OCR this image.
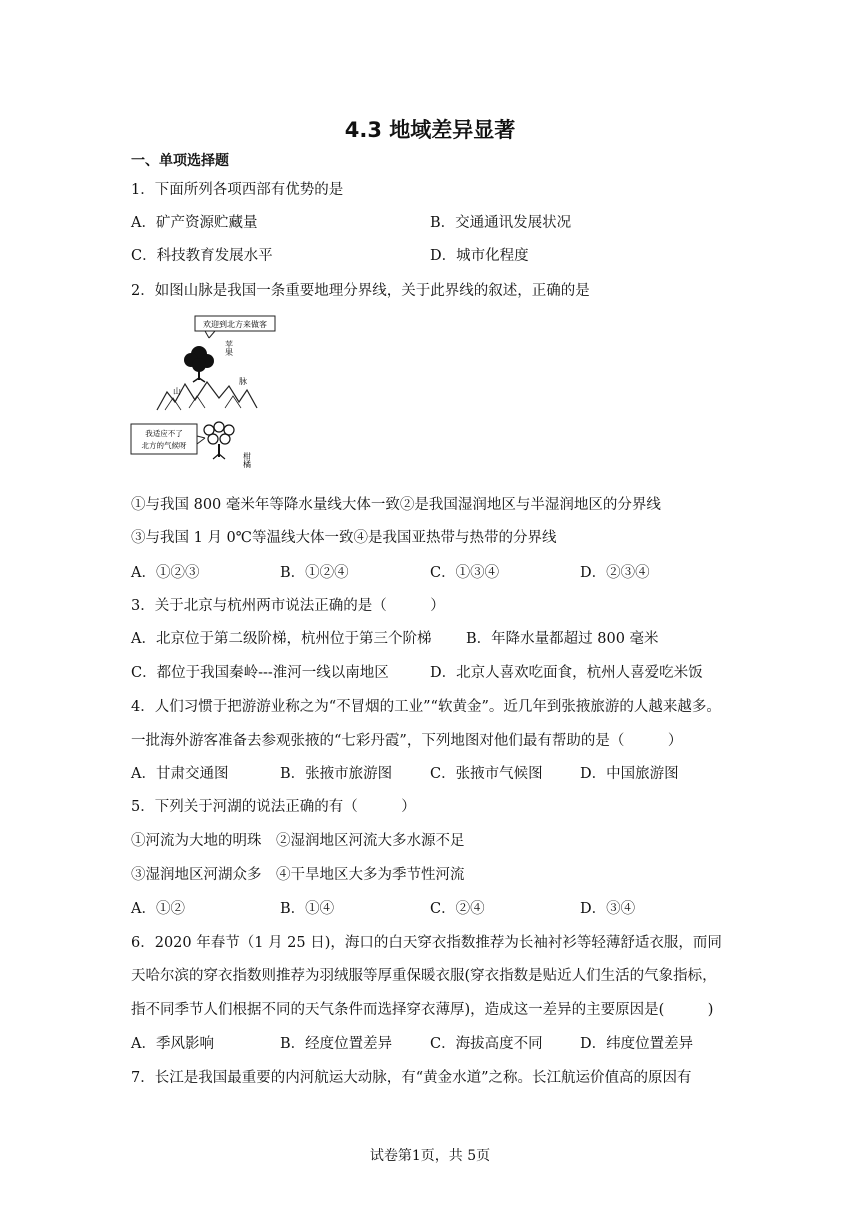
4.3 地域差异显著
一、单项选择题
1．下面所列各项西部有优势的是
A．矿产资源贮藏量	B．交通通讯发展状况
C．科技教育发展水平	D．城市化程度
2．如图山脉是我国一条重要地理分界线，关于此界线的叙述，正确的是
欢迎到北方来做客
苹果
山
脉
我适应不了
北方的气候呀
柑橘
①与我国 800 毫米年等降水量线大体一致②是我国湿润地区与半湿润地区的分界线
③与我国 1 月 0℃等温线大体一致④是我国亚热带与热带的分界线
A．①②③	B．①②④	C．①③④	D．②③④
3．关于北京与杭州两市说法正确的是（　　　）
A．北京位于第二级阶梯，杭州位于第三个阶梯 B．年降水量都超过 800 毫米
C．都位于我国秦岭---淮河一线以南地区	D．北京人喜欢吃面食，杭州人喜爱吃米饭
4．人们习惯于把游游业称之为“不冒烟的工业”“软黄金”。近几年到张掖旅游的人越来越多。
一批海外游客准备去参观张掖的“七彩丹霞”，下列地图对他们最有帮助的是（　　　）
A．甘肃交通图	B．张掖市旅游图	C．张掖市气候图	D．中国旅游图
5．下列关于河湖的说法正确的有（　　　）
①河流为大地的明珠　②湿润地区河流大多水源不足
③湿润地区河湖众多　④干旱地区大多为季节性河流
A．①②	B．①④	C．②④	D．③④
6．2020 年春节（1 月 25 日)，海口的白天穿衣指数推荐为长袖衬衫等轻薄舒适衣服，而同
天哈尔滨的穿衣指数则推荐为羽绒服等厚重保暖衣服(穿衣指数是贴近人们生活的气象指标，
指不同季节人们根据不同的天气条件而选择穿衣薄厚)，造成这一差异的主要原因是(　　　)
A．季风影响	B．经度位置差异	C．海拔高度不同	D．纬度位置差异
7．长江是我国最重要的内河航运大动脉，有“黄金水道”之称。长江航运价值高的原因有
试卷第1页，共 5页
